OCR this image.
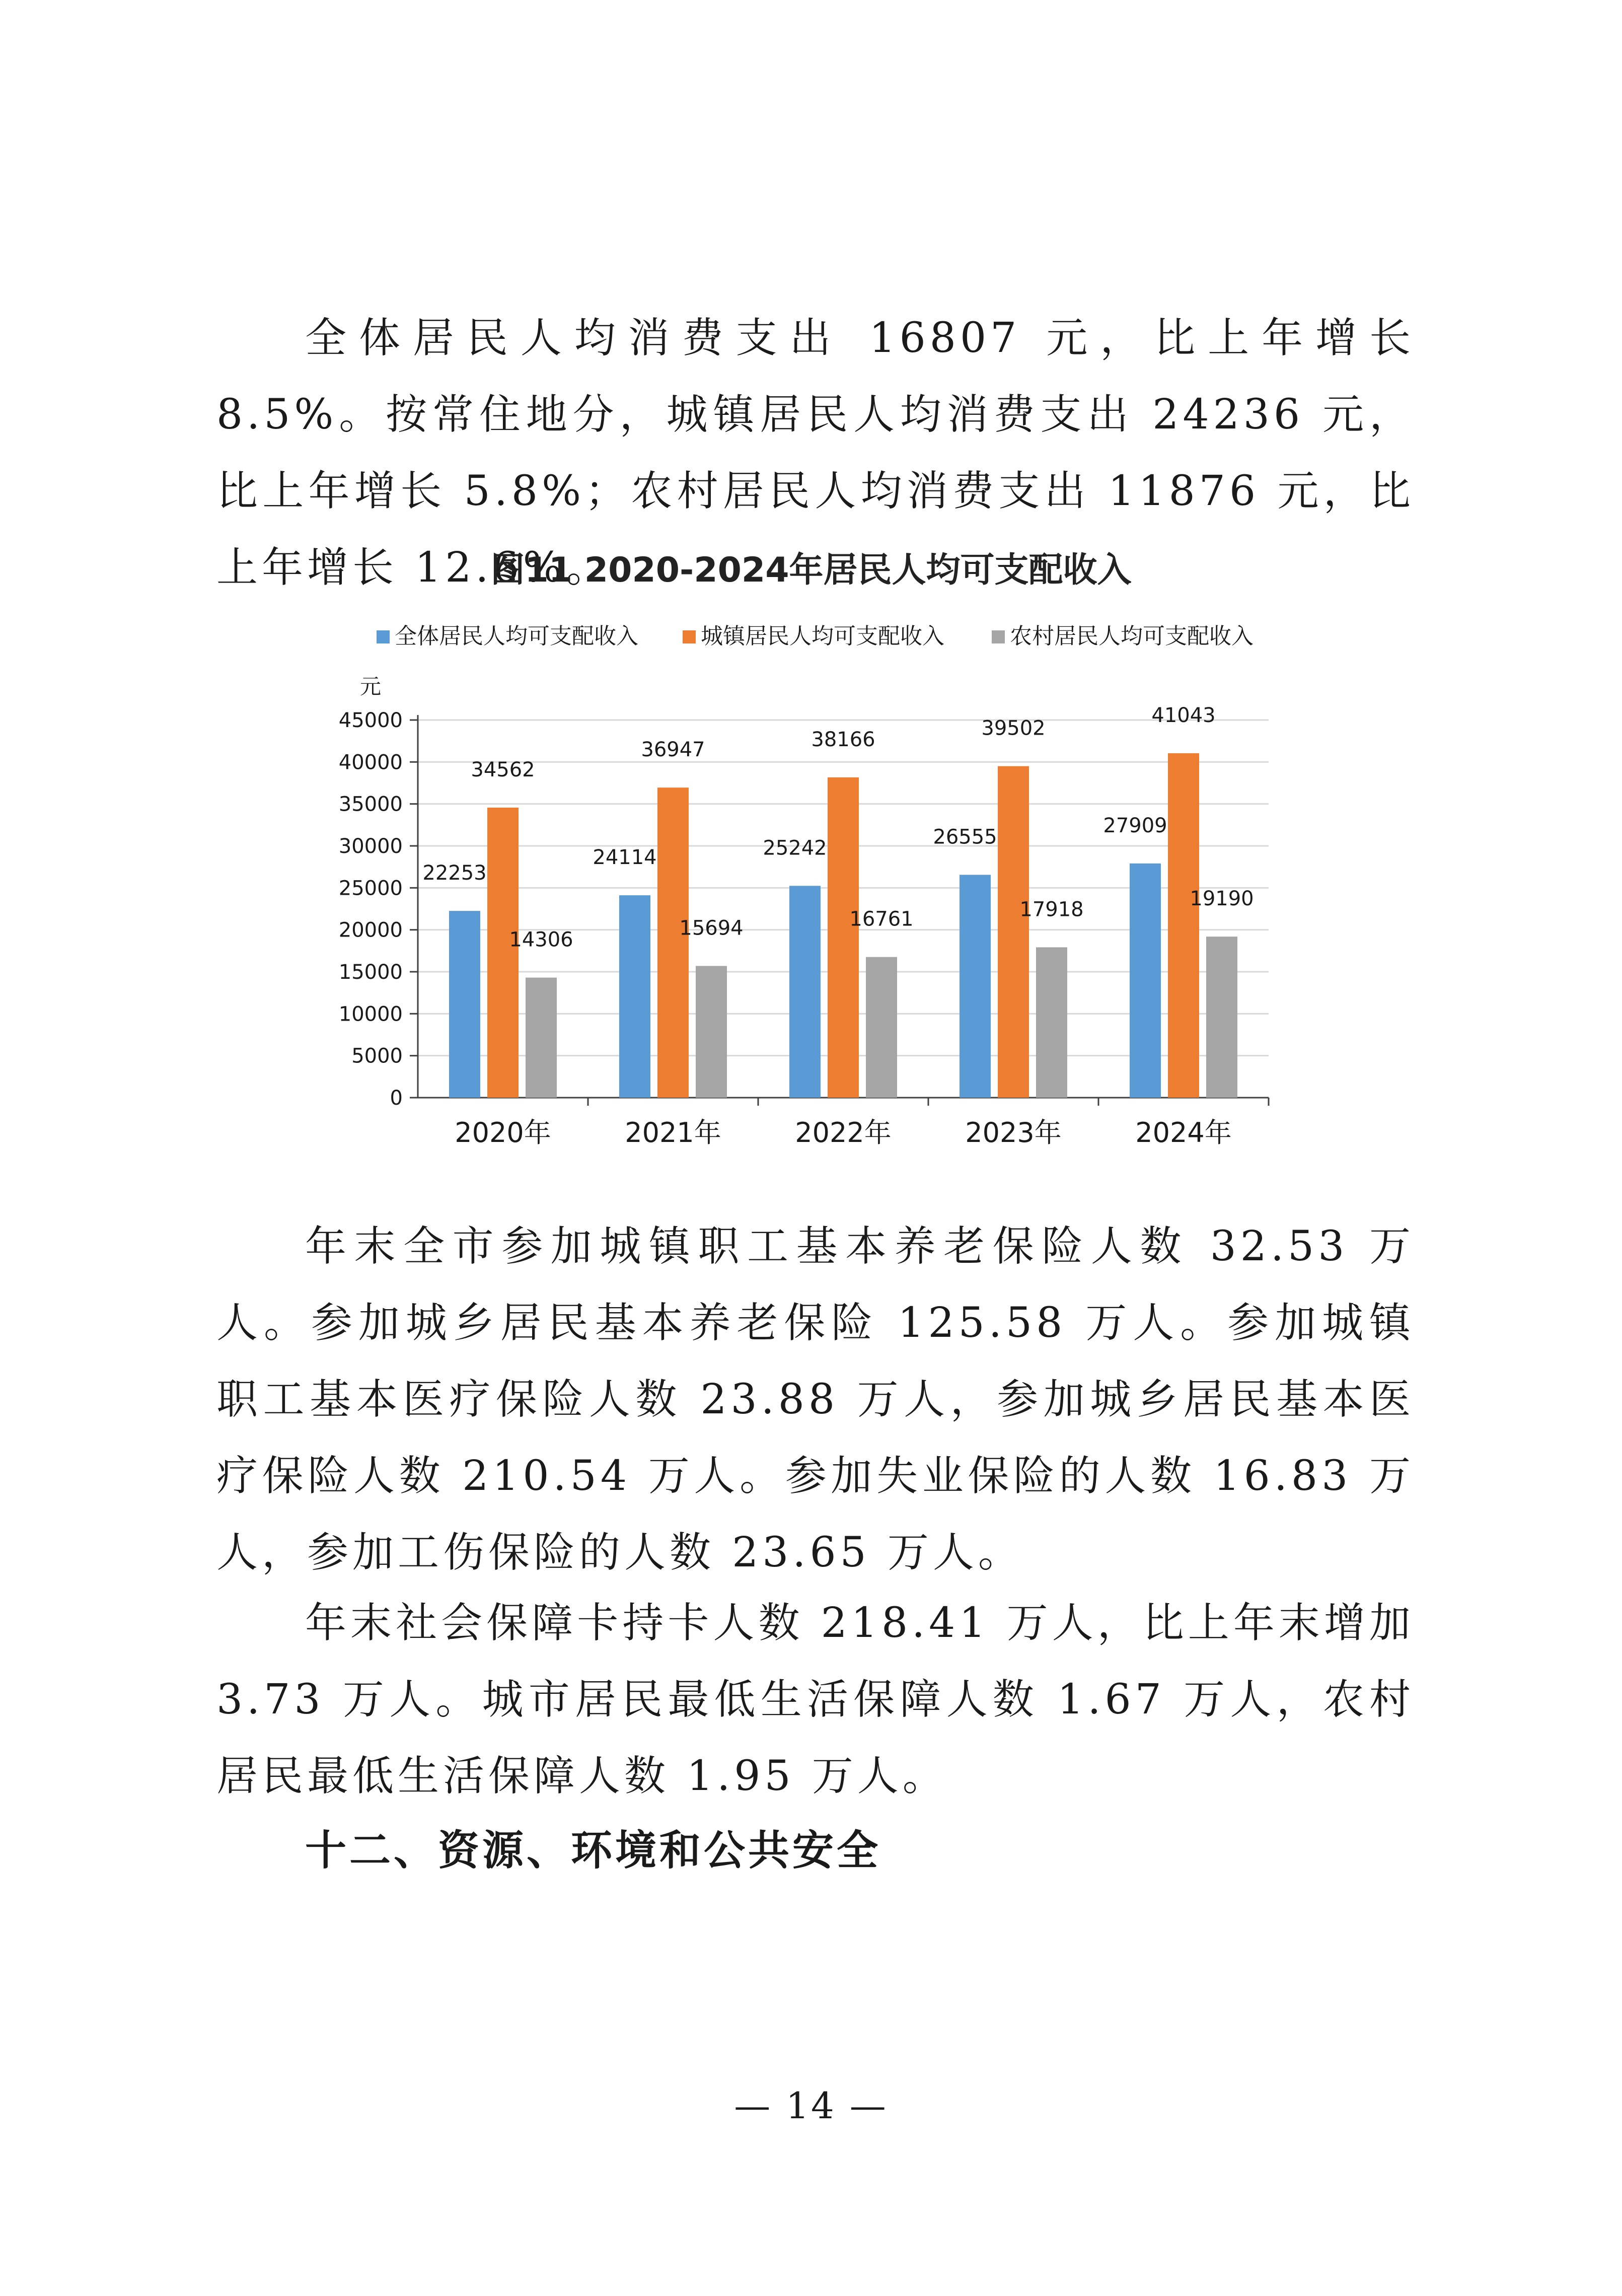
全体居民人均消费支出 16807 元，比上年增长 8.5%。按常住地分，城镇居民人均消费支出 24236 元，比上年增长 5.8%；农村居民人均消费支出 11876 元，比上年增长 12.6%。

图11 2020-2024年居民人均可支配收入
0
5000
10000
15000
20000
25000
30000
35000
40000
45000
元
22253
34562
14306
2020年
24114
36947
15694
2021年
25242
38166
16761
2022年
26555
39502
17918
2023年
27909
41043
19190
2024年
全体居民人均可支配收入	城镇居民人均可支配收入	农村居民人均可支配收入

年末全市参加城镇职工基本养老保险人数 32.53 万人。参加城乡居民基本养老保险 125.58 万人。参加城镇职工基本医疗保险人数 23.88 万人，参加城乡居民基本医疗保险人数 210.54 万人。参加失业保险的人数 16.83 万人，参加工伤保险的人数 23.65 万人。

年末社会保障卡持卡人数 218.41 万人，比上年末增加 3.73 万人。城市居民最低生活保障人数 1.67 万人，农村居民最低生活保障人数 1.95 万人。

十二、资源、环境和公共安全
— 14 —
